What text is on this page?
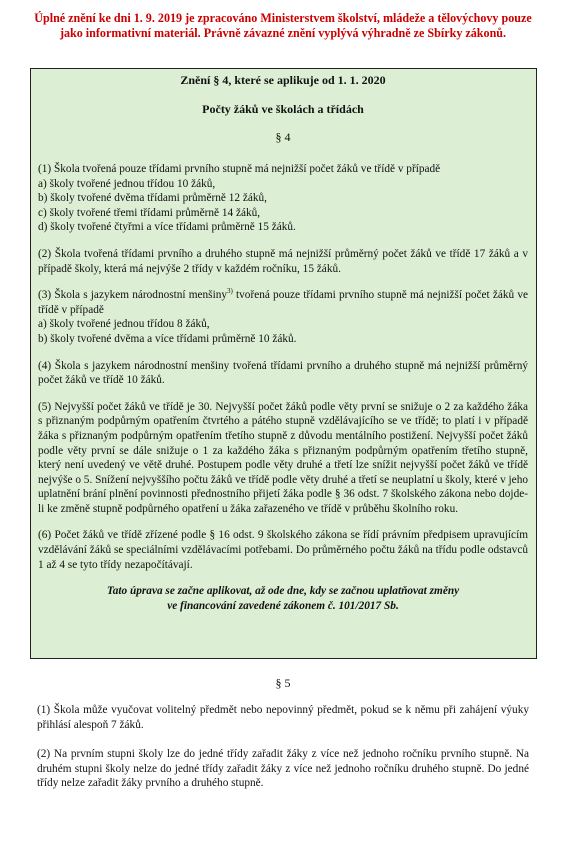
Úplné znění ke dni 1. 9. 2019 je zpracováno Ministerstvem školství, mládeže a tělovýchovy pouze jako informativní materiál. Právně závazné znění vyplývá výhradně ze Sbírky zákonů.
Znění § 4, které se aplikuje od 1. 1. 2020
Počty žáků ve školách a třídách
§ 4

(1) Škola tvořená pouze třídami prvního stupně má nejnižší počet žáků ve třídě v případě

a) školy tvořené jednou třídou 10 žáků,

b) školy tvořené dvěma třídami průměrně 12 žáků,

c) školy tvořené třemi třídami průměrně 14 žáků,

d) školy tvořené čtyřmi a více třídami průměrně 15 žáků.

(2) Škola tvořená třídami prvního a druhého stupně má nejnižší průměrný počet žáků ve třídě 17 žáků a v případě školy, která má nejvýše 2 třídy v každém ročníku, 15 žáků.

(3) Škola s jazykem národnostní menšiny$^{3)}$ tvořená pouze třídami prvního stupně má nejnižší počet žáků ve třídě v případě

a) školy tvořené jednou třídou 8 žáků,

b) školy tvořené dvěma a více třídami průměrně 10 žáků.

(4) Škola s jazykem národnostní menšiny tvořená třídami prvního a druhého stupně má nejnižší průměrný počet žáků ve třídě 10 žáků.

(5) Nejvyšší počet žáků ve třídě je 30. Nejvyšší počet žáků podle věty první se snižuje o 2 za každého žáka s přiznaným podpůrným opatřením čtvrtého a pátého stupně vzdělávajícího se ve třídě; to platí i v případě žáka s přiznaným podpůrným opatřením třetího stupně z důvodu mentálního postižení. Nejvyšší počet žáků podle věty první se dále snižuje o 1 za každého žáka s přiznaným podpůrným opatřením třetího stupně, který není uvedený ve větě druhé. Postupem podle věty druhé a třetí lze snížit nejvyšší počet žáků ve třídě nejvýše o 5. Snížení nejvyššího počtu žáků ve třídě podle věty druhé a třetí se neuplatní u školy, které v jeho uplatnění brání plnění povinnosti přednostního přijetí žáka podle § 36 odst. 7 školského zákona nebo dojde-li ke změně stupně podpůrného opatření u žáka zařazeného ve třídě v průběhu školního roku.

(6) Počet žáků ve třídě zřízené podle § 16 odst. 9 školského zákona se řídí právním předpisem upravujícím vzdělávání žáků se speciálními vzdělávacími potřebami. Do průměrného počtu žáků na třídu podle odstavců 1 až 4 se tyto třídy nezapočítávají.

Tato úprava se začne aplikovat, až ode dne, kdy se začnou uplatňovat změny
ve financování zavedené zákonem č. 101/2017 Sb.
§ 5

(1) Škola může vyučovat volitelný předmět nebo nepovinný předmět, pokud se k němu při zahájení výuky přihlásí alespoň 7 žáků.

(2) Na prvním stupni školy lze do jedné třídy zařadit žáky z více než jednoho ročníku prvního stupně. Na druhém stupni školy nelze do jedné třídy zařadit žáky z více než jednoho ročníku druhého stupně. Do jedné třídy nelze zařadit žáky prvního a druhého stupně.
